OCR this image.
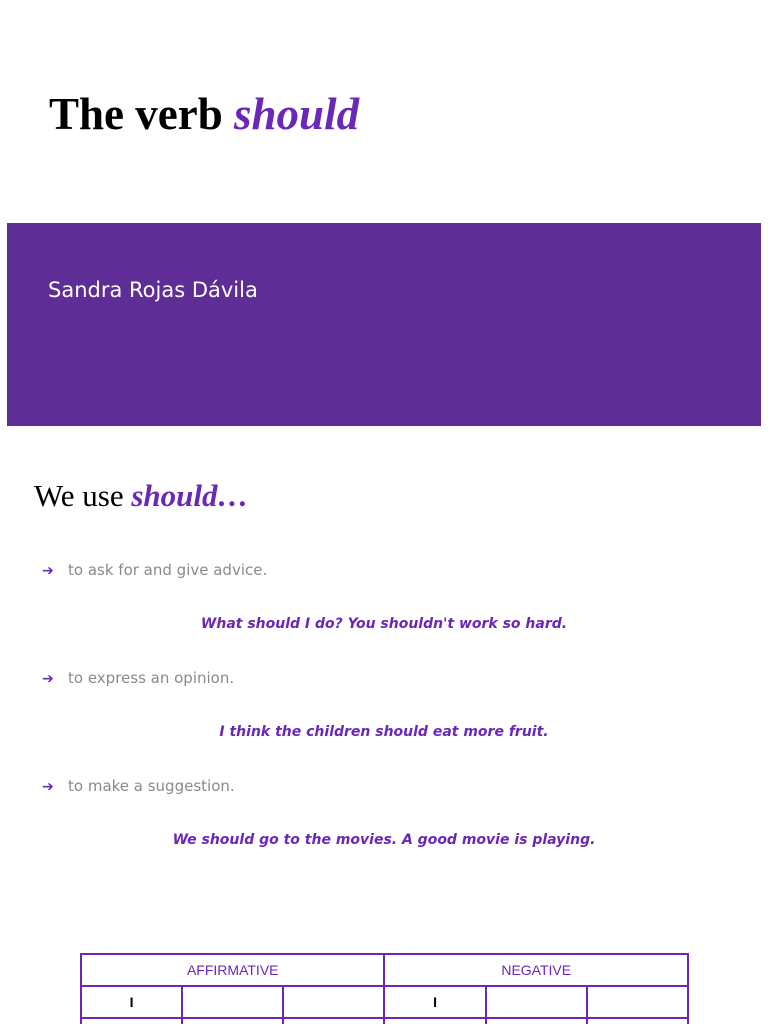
The verb should
Sandra Rojas Dávila
We use should…
➔ to ask for and give advice.
What should I do? You shouldn't work so hard.
➔ to express an opinion.
I think the children should eat more fruit.
➔ to make a suggestion.
We should go to the movies. A good movie is playing.
AFFIRMATIVE			NEGATIVE		
I			I		
